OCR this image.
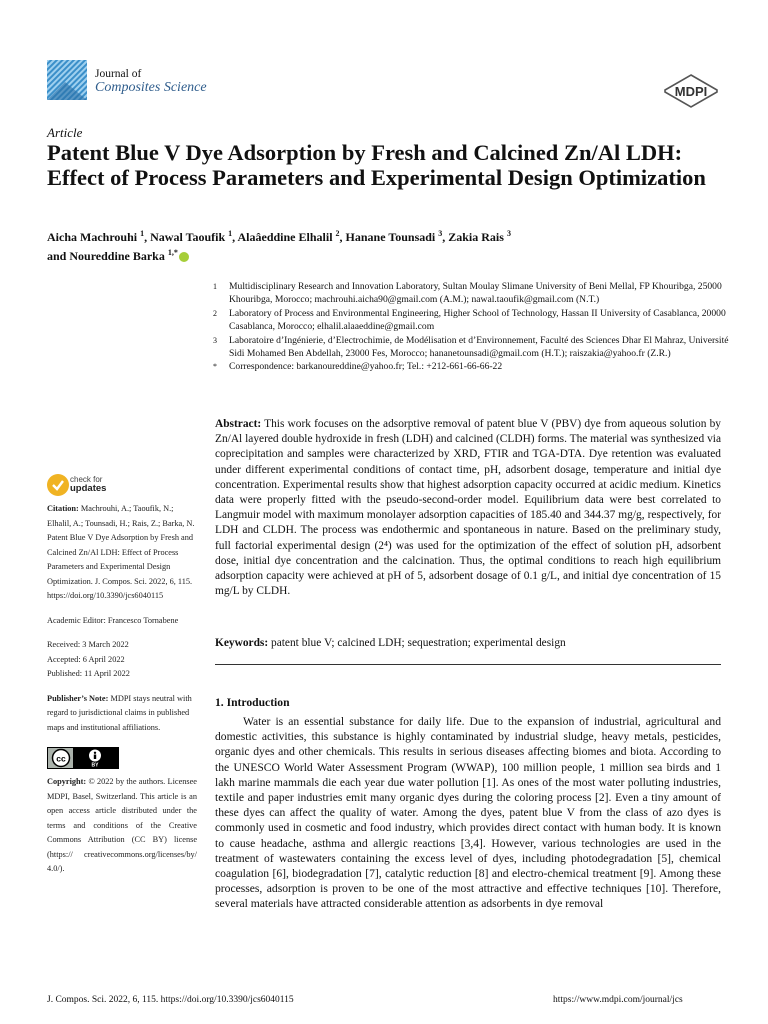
Journal of
Composites Science	MDPI
Article
Patent Blue V Dye Adsorption by Fresh and Calcined Zn/Al LDH: Effect of Process Parameters and Experimental Design Optimization
Aicha Machrouhi $^1$, Nawal Taoufik $^1$, Alaâeddine Elhalil $^2$, Hanane Tounsadi $^3$, Zakia Rais $^3$
and Noureddine Barka $^{1,*}$

1 Multidisciplinary Research and Innovation Laboratory, Sultan Moulay Slimane University of Beni Mellal, FP Khouribga, 25000 Khouribga, Morocco; machrouhi.aicha90@gmail.com (A.M.); nawal.taoufik@gmail.com (N.T.)

2 Laboratory of Process and Environmental Engineering, Higher School of Technology, Hassan II University of Casablanca, 20000 Casablanca, Morocco; elhalil.alaaeddine@gmail.com

3 Laboratoire d’Ingénierie, d’Electrochimie, de Modélisation et d’Environnement, Faculté des Sciences Dhar El Mahraz, Université Sidi Mohamed Ben Abdellah, 23000 Fes, Morocco; hananetounsadi@gmail.com (H.T.); raiszakia@yahoo.fr (Z.R.)

* Correspondence: barkanoureddine@yahoo.fr; Tel.: +212-661-66-66-22

Abstract: This work focuses on the adsorptive removal of patent blue V (PBV) dye from aqueous solution by Zn/Al layered double hydroxide in fresh (LDH) and calcined (CLDH) forms. The material was synthesized via coprecipitation and samples were characterized by XRD, FTIR and TGA-DTA. Dye retention was evaluated under different experimental conditions of contact time, pH, adsorbent dosage, temperature and initial dye concentration. Experimental results show that highest adsorption capacity occurred at acidic medium. Kinetics data were properly fitted with the pseudo-second-order model. Equilibrium data were best correlated to Langmuir model with maximum monolayer adsorption capacities of 185.40 and 344.37 mg/g, respectively, for LDH and CLDH. The process was endothermic and spontaneous in nature. Based on the preliminary study, full factorial experimental design (2⁴) was used for the optimization of the effect of solution pH, adsorbent dose, initial dye concentration and the calcination. Thus, the optimal conditions to reach high equilibrium adsorption capacity were achieved at pH of 5, adsorbent dosage of 0.1 g/L, and initial dye concentration of 15 mg/L by CLDH.

Keywords: patent blue V; calcined LDH; sequestration; experimental design
check for
updates

Citation: Machrouhi, A.; Taoufik, N.; Elhalil, A.; Tounsadi, H.; Rais, Z.; Barka, N. Patent Blue V Dye Adsorption by Fresh and Calcined Zn/Al LDH: Effect of Process Parameters and Experimental Design Optimization. J. Compos. Sci. 2022, 6, 115. https://doi.org/10.3390/jcs6040115

Academic Editor: Francesco Tornabene

Received: 3 March 2022
Accepted: 6 April 2022
Published: 11 April 2022

Publisher’s Note: MDPI stays neutral with regard to jurisdictional claims in published maps and institutional affiliations.

cc
BY

Copyright: © 2022 by the authors. Licensee MDPI, Basel, Switzerland. This article is an open access article distributed under the terms and conditions of the Creative Commons Attribution (CC BY) license (https:// creativecommons.org/licenses/by/ 4.0/).

1. Introduction

Water is an essential substance for daily life. Due to the expansion of industrial, agricultural and domestic activities, this substance is highly contaminated by industrial sludge, heavy metals, pesticides, organic dyes and other chemicals. This results in serious diseases affecting biomes and biota. According to the UNESCO World Water Assessment Program (WWAP), 100 million people, 1 million sea birds and 1 lakh marine mammals die each year due water pollution [1]. As ones of the most water polluting industries, textile and paper industries emit many organic dyes during the coloring process [2]. Even a tiny amount of these dyes can affect the quality of water. Among the dyes, patent blue V from the class of azo dyes is commonly used in cosmetic and food industry, which provides direct contact with human body. It is known to cause headache, asthma and allergic reactions [3,4]. However, various technologies are used in the treatment of wastewaters containing the excess level of dyes, including photodegradation [5], chemical coagulation [6], biodegradation [7], catalytic reduction [8] and electro-chemical treatment [9]. Among these processes, adsorption is proven to be one of the most attractive and effective techniques [10]. Therefore, several materials have attracted considerable attention as adsorbents in dye removal

J. Compos. Sci. 2022, 6, 115. https://doi.org/10.3390/jcs6040115	https://www.mdpi.com/journal/jcs
